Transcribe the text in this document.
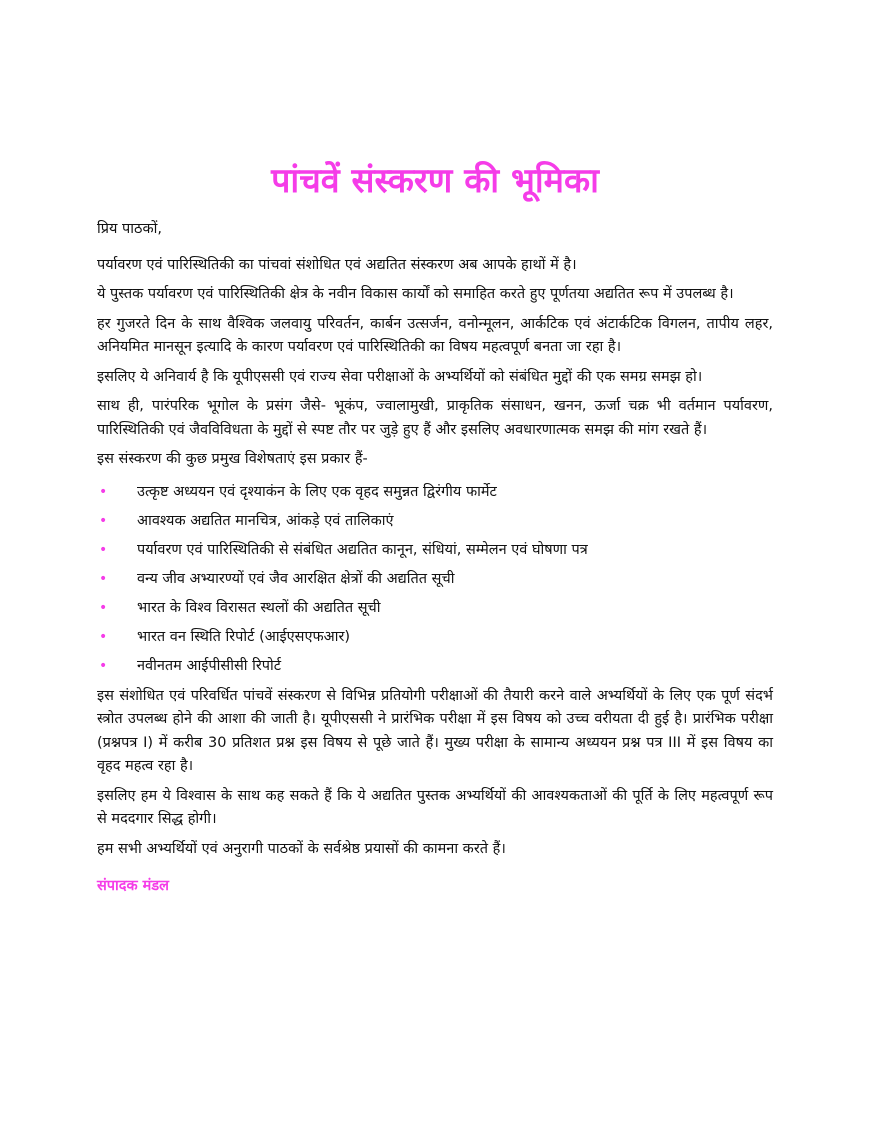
पांचवें संस्करण की भूमिका

प्रिय पाठकों,

पर्यावरण एवं पारिस्थितिकी का पांचवां संशोधित एवं अद्यतित संस्करण अब आपके हाथों में है।

ये पुस्तक पर्यावरण एवं पारिस्थितिकी क्षेत्र के नवीन विकास कार्यों को समाहित करते हुए पूर्णतया अद्यतित रूप में उपलब्ध है।

हर गुजरते दिन के साथ वैश्विक जलवायु परिवर्तन, कार्बन उत्सर्जन, वनोन्मूलन, आर्कटिक एवं अंटार्कटिक विगलन, तापीय लहर, अनियमित मानसून इत्यादि के कारण पर्यावरण एवं पारिस्थितिकी का विषय महत्वपूर्ण बनता जा रहा है।

इसलिए ये अनिवार्य है कि यूपीएससी एवं राज्य सेवा परीक्षाओं के अभ्यर्थियों को संबंधित मुद्दों की एक समग्र समझ हो।

साथ ही, पारंपरिक भूगोल के प्रसंग जैसे- भूकंप, ज्वालामुखी, प्राकृतिक संसाधन, खनन, ऊर्जा चक्र भी वर्तमान पर्यावरण, पारिस्थितिकी एवं जैवविविधता के मुद्दों से स्पष्ट तौर पर जुड़े हुए हैं और इसलिए अवधारणात्मक समझ की मांग रखते हैं।

इस संस्करण की कुछ प्रमुख विशेषताएं इस प्रकार हैं-

• उत्कृष्ट अध्ययन एवं दृश्याकंन के लिए एक वृहद समुन्नत द्विरंगीय फार्मेट
• आवश्यक अद्यतित मानचित्र, आंकड़े एवं तालिकाएं
• पर्यावरण एवं पारिस्थितिकी से संबंधित अद्यतित कानून, संधियां, सम्मेलन एवं घोषणा पत्र
• वन्य जीव अभ्यारण्यों एवं जैव आरक्षित क्षेत्रों की अद्यतित सूची
• भारत के विश्व विरासत स्थलों की अद्यतित सूची
• भारत वन स्थिति रिपोर्ट (आईएसएफआर)
• नवीनतम आईपीसीसी रिपोर्ट

इस संशोधित एवं परिवर्धित पांचवें संस्करण से विभिन्न प्रतियोगी परीक्षाओं की तैयारी करने वाले अभ्यर्थियों के लिए एक पूर्ण संदर्भ स्त्रोत उपलब्ध होने की आशा की जाती है। यूपीएससी ने प्रारंभिक परीक्षा में इस विषय को उच्च वरीयता दी हुई है। प्रारंभिक परीक्षा (प्रश्नपत्र I) में करीब 30 प्रतिशत प्रश्न इस विषय से पूछे जाते हैं। मुख्य परीक्षा के सामान्य अध्ययन प्रश्न पत्र III में इस विषय का वृहद महत्व रहा है।

इसलिए हम ये विश्वास के साथ कह सकते हैं कि ये अद्यतित पुस्तक अभ्यर्थियों की आवश्यकताओं की पूर्ति के लिए महत्वपूर्ण रूप से मददगार सिद्ध होगी।

हम सभी अभ्यर्थियों एवं अनुरागी पाठकों के सर्वश्रेष्ठ प्रयासों की कामना करते हैं।

संपादक मंडल
